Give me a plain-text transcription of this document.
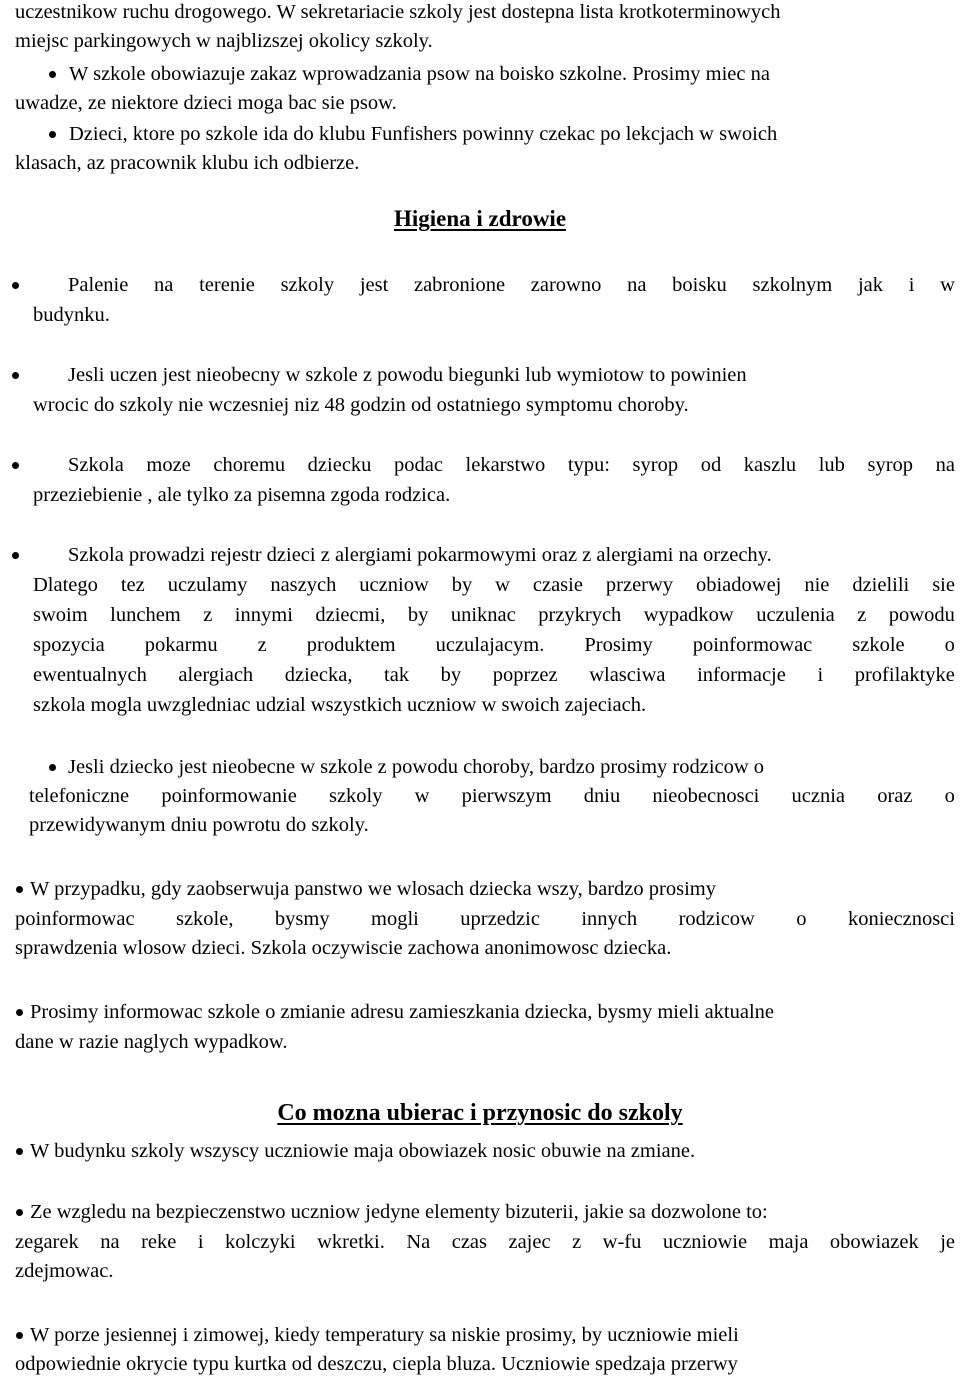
uczestnikow ruchu drogowego. W sekretariacie szkoly jest dostepna lista krotkoterminowych
miejsc parkingowych w najblizszej okolicy szkoly.
W szkole obowiazuje zakaz wprowadzania psow na boisko szkolne. Prosimy miec na
uwadze, ze niektore dzieci moga bac sie psow.
Dzieci, ktore po szkole ida do klubu Funfishers powinny czekac po lekcjach w swoich
klasach, az pracownik klubu ich odbierze.
Higiena i zdrowie
Palenie na terenie szkoly jest zabronione zarowno na boisku szkolnym jak i w
budynku.
Jesli uczen jest nieobecny w szkole z powodu biegunki lub wymiotow to powinien
wrocic do szkoly nie wczesniej niz 48 godzin od ostatniego symptomu choroby.
Szkola moze choremu dziecku podac lekarstwo typu: syrop od kaszlu lub syrop na
przeziebienie , ale tylko za pisemna zgoda rodzica.
Szkola prowadzi rejestr dzieci z alergiami pokarmowymi oraz z alergiami na orzechy.
Dlatego tez uczulamy naszych uczniow by w czasie przerwy obiadowej nie dzielili sie
swoim lunchem z innymi dziecmi, by uniknac przykrych wypadkow uczulenia z powodu
spozycia pokarmu z produktem uczulajacym. Prosimy poinformowac szkole o
ewentualnych alergiach dziecka, tak by poprzez wlasciwa informacje i profilaktyke
szkola mogla uwzgledniac udzial wszystkich uczniow w swoich zajeciach.
Jesli dziecko jest nieobecne w szkole z powodu choroby, bardzo prosimy rodzicow o
telefoniczne poinformowanie szkoly w pierwszym dniu nieobecnosci ucznia oraz o
przewidywanym dniu powrotu do szkoly.
W przypadku, gdy zaobserwuja panstwo we wlosach dziecka wszy, bardzo prosimy
poinformowac szkole, bysmy mogli uprzedzic innych rodzicow o koniecznosci
sprawdzenia wlosow dzieci. Szkola oczywiscie zachowa anonimowosc dziecka.
Prosimy informowac szkole o zmianie adresu zamieszkania dziecka, bysmy mieli aktualne
dane w razie naglych wypadkow.
Co mozna ubierac i przynosic do szkoly
W budynku szkoly wszyscy uczniowie maja obowiazek nosic obuwie na zmiane.
Ze wzgledu na bezpieczenstwo uczniow jedyne elementy bizuterii, jakie sa dozwolone to:
zegarek na reke i kolczyki wkretki. Na czas zajec z w-fu uczniowie maja obowiazek je
zdejmowac.
W porze jesiennej i zimowej, kiedy temperatury sa niskie prosimy, by uczniowie mieli
odpowiednie okrycie typu kurtka od deszczu, ciepla bluza. Uczniowie spedzaja przerwy
